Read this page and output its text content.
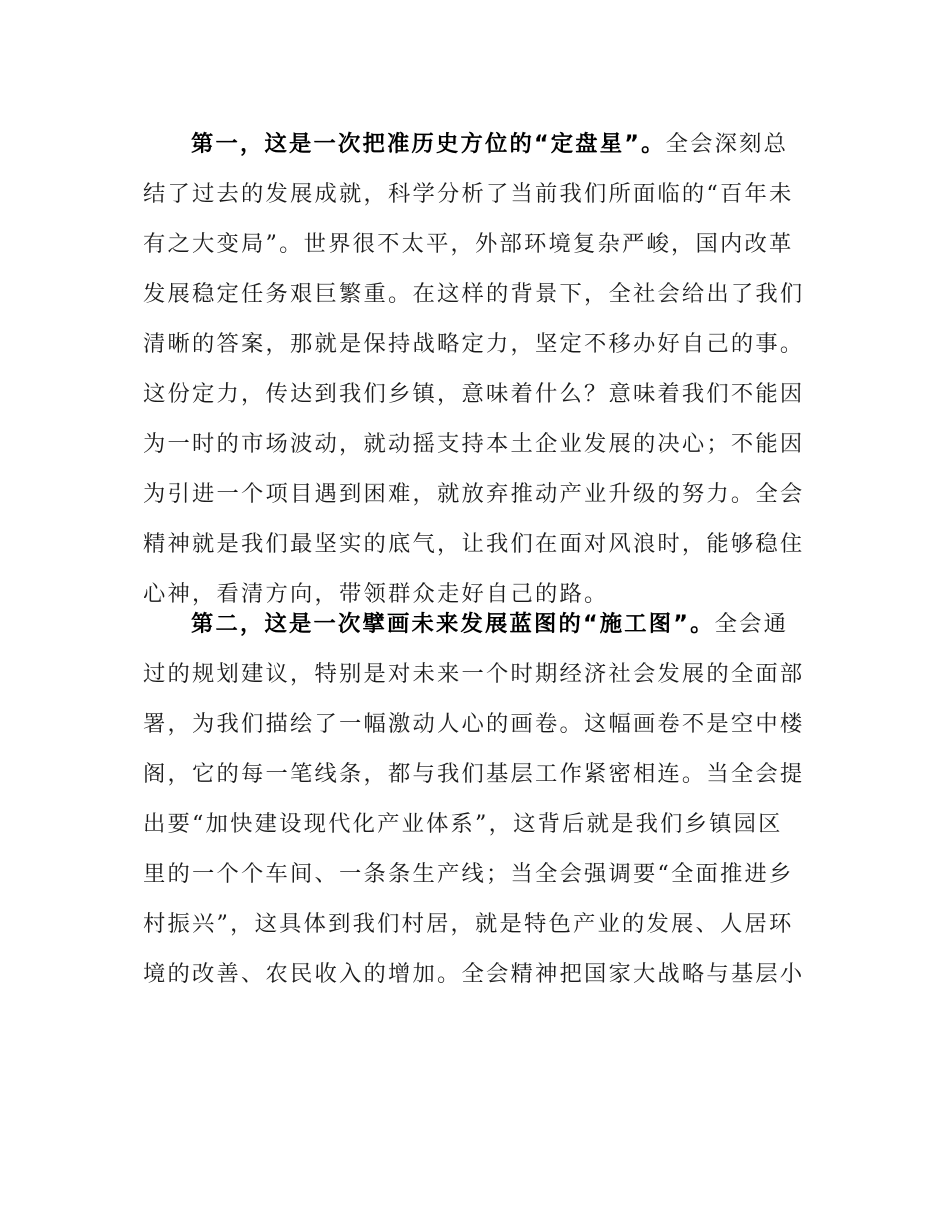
第一，这是一次把准历史方位的“定盘星”。全会深刻总
结了过去的发展成就，科学分析了当前我们所面临的“百年未
有之大变局”。世界很不太平，外部环境复杂严峻，国内改革
发展稳定任务艰巨繁重。在这样的背景下，全社会给出了我们
清晰的答案，那就是保持战略定力，坚定不移办好自己的事。
这份定力，传达到我们乡镇，意味着什么？意味着我们不能因
为一时的市场波动，就动摇支持本土企业发展的决心；不能因
为引进一个项目遇到困难，就放弃推动产业升级的努力。全会
精神就是我们最坚实的底气，让我们在面对风浪时，能够稳住
心神，看清方向，带领群众走好自己的路。
第二，这是一次擘画未来发展蓝图的“施工图”。全会通
过的规划建议，特别是对未来一个时期经济社会发展的全面部
署，为我们描绘了一幅激动人心的画卷。这幅画卷不是空中楼
阁，它的每一笔线条，都与我们基层工作紧密相连。当全会提
出要“加快建设现代化产业体系”，这背后就是我们乡镇园区
里的一个个车间、一条条生产线；当全会强调要“全面推进乡
村振兴”，这具体到我们村居，就是特色产业的发展、人居环
境的改善、农民收入的增加。全会精神把国家大战略与基层小
